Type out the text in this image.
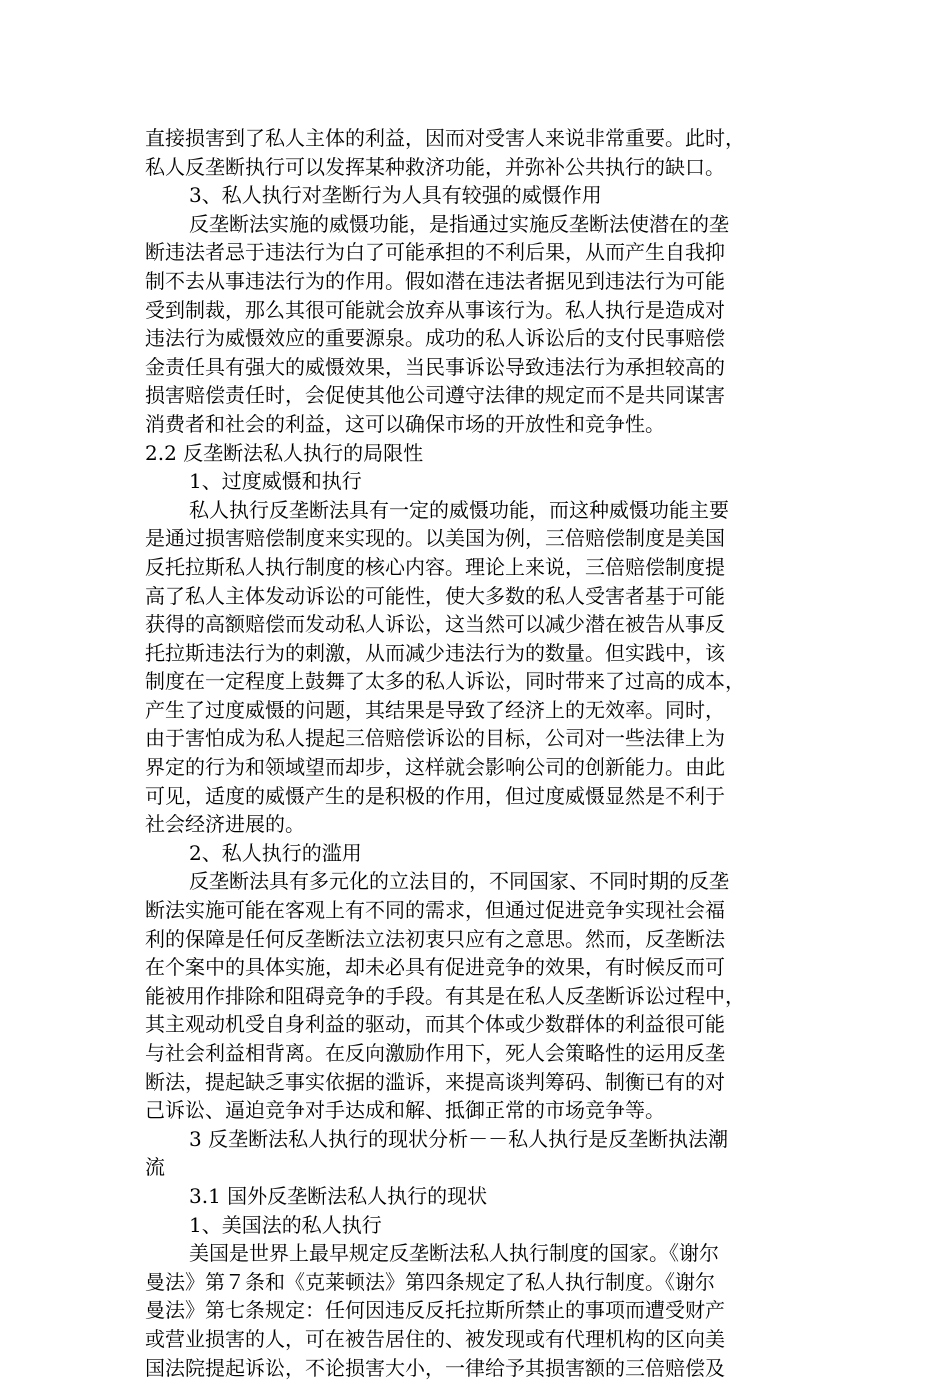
直接损害到了私人主体的利益，因而对受害人来说非常重要。此时，
私人反垄断执行可以发挥某种救济功能，并弥补公共执行的缺口。
3、私人执行对垄断行为人具有较强的威慑作用
反垄断法实施的威慑功能，是指通过实施反垄断法使潜在的垄
断违法者忌于违法行为白了可能承担的不利后果，从而产生自我抑
制不去从事违法行为的作用。假如潜在违法者据见到违法行为可能
受到制裁，那么其很可能就会放弃从事该行为。私人执行是造成对
违法行为威慑效应的重要源泉。成功的私人诉讼后的支付民事赔偿
金责任具有强大的威慑效果，当民事诉讼导致违法行为承担较高的
损害赔偿责任时，会促使其他公司遵守法律的规定而不是共同谋害
消费者和社会的利益，这可以确保市场的开放性和竞争性。
2.2 反垄断法私人执行的局限性
1、过度威慑和执行
私人执行反垄断法具有一定的威慑功能，而这种威慑功能主要
是通过损害赔偿制度来实现的。以美国为例，三倍赔偿制度是美国
反托拉斯私人执行制度的核心内容。理论上来说，三倍赔偿制度提
高了私人主体发动诉讼的可能性，使大多数的私人受害者基于可能
获得的高额赔偿而发动私人诉讼，这当然可以减少潜在被告从事反
托拉斯违法行为的刺激，从而减少违法行为的数量。但实践中，该
制度在一定程度上鼓舞了太多的私人诉讼，同时带来了过高的成本，
产生了过度威慑的问题，其结果是导致了经济上的无效率。同时，
由于害怕成为私人提起三倍赔偿诉讼的目标，公司对一些法律上为
界定的行为和领域望而却步，这样就会影响公司的创新能力。由此
可见，适度的威慑产生的是积极的作用，但过度威慑显然是不利于
社会经济进展的。
2、私人执行的滥用
反垄断法具有多元化的立法目的，不同国家、不同时期的反垄
断法实施可能在客观上有不同的需求，但通过促进竞争实现社会福
利的保障是任何反垄断法立法初衷只应有之意思。然而，反垄断法
在个案中的具体实施，却未必具有促进竞争的效果，有时候反而可
能被用作排除和阻碍竞争的手段。有其是在私人反垄断诉讼过程中，
其主观动机受自身利益的驱动，而其个体或少数群体的利益很可能
与社会利益相背离。在反向激励作用下，死人会策略性的运用反垄
断法，提起缺乏事实依据的滥诉，来提高谈判筹码、制衡已有的对
己诉讼、逼迫竞争对手达成和解、抵御正常的市场竞争等。
3 反垄断法私人执行的现状分析－－私人执行是反垄断执法潮
流
3.1 国外反垄断法私人执行的现状
1、美国法的私人执行
美国是世界上最早规定反垄断法私人执行制度的国家。《谢尔
曼法》第７条和《克莱顿法》第四条规定了私人执行制度。《谢尔
曼法》第七条规定：任何因违反反托拉斯所禁止的事项而遭受财产
或营业损害的人，可在被告居住的、被发现或有代理机构的区向美
国法院提起诉讼，不论损害大小，一律给予其损害额的三倍赔偿及
